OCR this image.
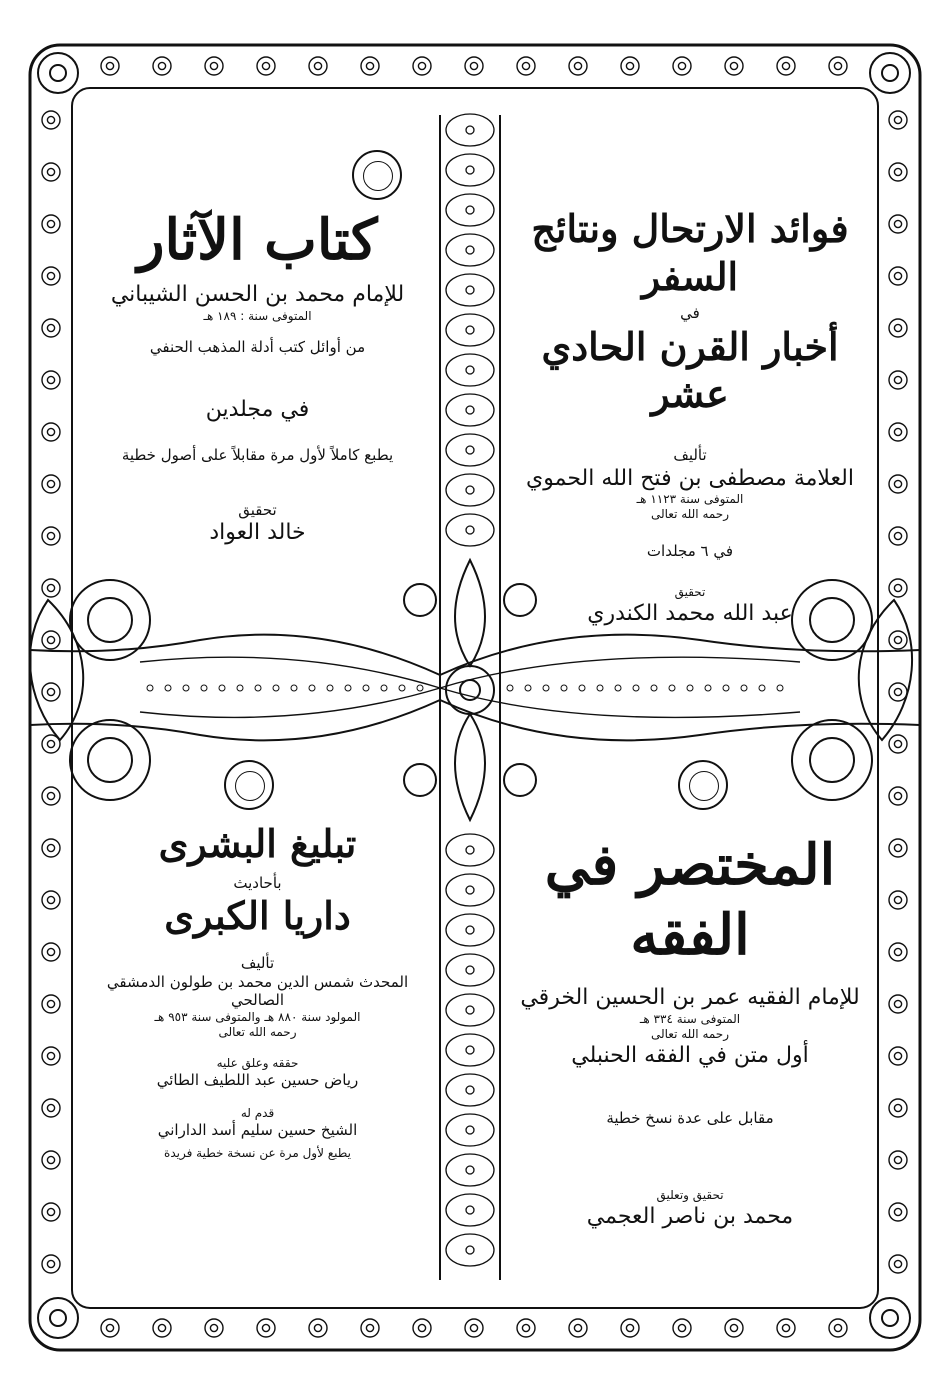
فوائد الارتحال ونتائج السفر
في
أخبار القرن الحادي عشر
تأليف
العلامة مصطفى بن فتح الله الحموي
المتوفى سنة ١١٢٣ هـ
رحمه الله تعالى
في ٦ مجلدات
تحقيق
عبد الله محمد الكندري
كتاب الآثار
للإمام محمد بن الحسن الشيباني
المتوفى سنة : ١٨٩ هـ
من أوائل كتب أدلة المذهب الحنفي
في مجلدين
يطبع كاملاً لأول مرة مقابلاً على أصول خطية
تحقيق
خالد العواد
المختصر في الفقه
للإمام الفقيه عمر بن الحسين الخرقي
المتوفى سنة ٣٣٤ هـ
رحمه الله تعالى
أول متن في الفقه الحنبلي
مقابل على عدة نسخ خطية
تحقيق وتعليق
محمد بن ناصر العجمي
تبليغ البشرى
بأحاديث
داريا الكبرى
تأليف
المحدث شمس الدين محمد بن طولون الدمشقي الصالحي
المولود سنة ٨٨٠ هـ والمتوفى سنة ٩٥٣ هـ
رحمه الله تعالى
حققه وعلق عليه
رياض حسين عبد اللطيف الطائي
قدم له
الشيخ حسين سليم أسد الداراني
يطبع لأول مرة عن نسخة خطية فريدة
